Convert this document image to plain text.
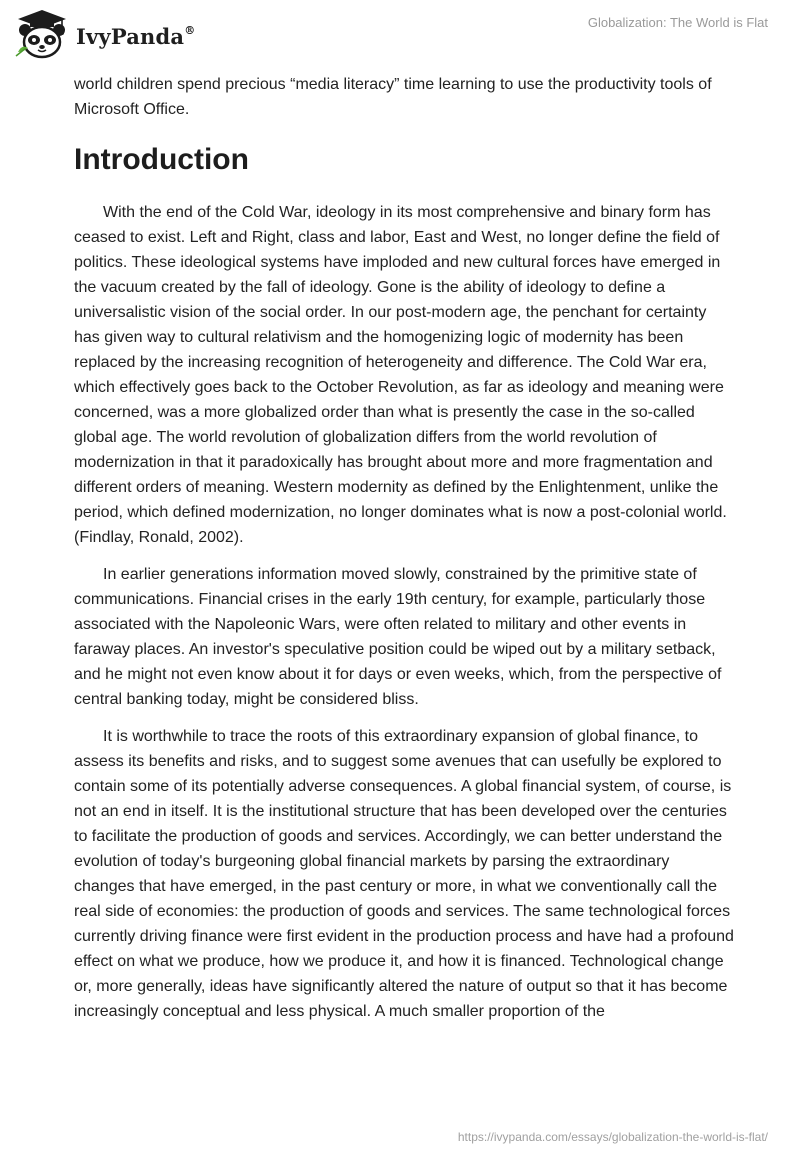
IvyPanda®	Globalization: The World is Flat

world children spend precious “media literacy” time learning to use the productivity tools of Microsoft Office.

Introduction

With the end of the Cold War, ideology in its most comprehensive and binary form has ceased to exist. Left and Right, class and labor, East and West, no longer define the field of politics. These ideological systems have imploded and new cultural forces have emerged in the vacuum created by the fall of ideology. Gone is the ability of ideology to define a universalistic vision of the social order. In our post-modern age, the penchant for certainty has given way to cultural relativism and the homogenizing logic of modernity has been replaced by the increasing recognition of heterogeneity and difference. The Cold War era, which effectively goes back to the October Revolution, as far as ideology and meaning were concerned, was a more globalized order than what is presently the case in the so-called global age. The world revolution of globalization differs from the world revolution of modernization in that it paradoxically has brought about more and more fragmentation and different orders of meaning. Western modernity as defined by the Enlightenment, unlike the period, which defined modernization, no longer dominates what is now a post-colonial world. (Findlay, Ronald, 2002).

In earlier generations information moved slowly, constrained by the primitive state of communications. Financial crises in the early 19th century, for example, particularly those associated with the Napoleonic Wars, were often related to military and other events in faraway places. An investor's speculative position could be wiped out by a military setback, and he might not even know about it for days or even weeks, which, from the perspective of central banking today, might be considered bliss.

It is worthwhile to trace the roots of this extraordinary expansion of global finance, to assess its benefits and risks, and to suggest some avenues that can usefully be explored to contain some of its potentially adverse consequences. A global financial system, of course, is not an end in itself. It is the institutional structure that has been developed over the centuries to facilitate the production of goods and services. Accordingly, we can better understand the evolution of today's burgeoning global financial markets by parsing the extraordinary changes that have emerged, in the past century or more, in what we conventionally call the real side of economies: the production of goods and services. The same technological forces currently driving finance were first evident in the production process and have had a profound effect on what we produce, how we produce it, and how it is financed. Technological change or, more generally, ideas have significantly altered the nature of output so that it has become increasingly conceptual and less physical. A much smaller proportion of the

https://ivypanda.com/essays/globalization-the-world-is-flat/
